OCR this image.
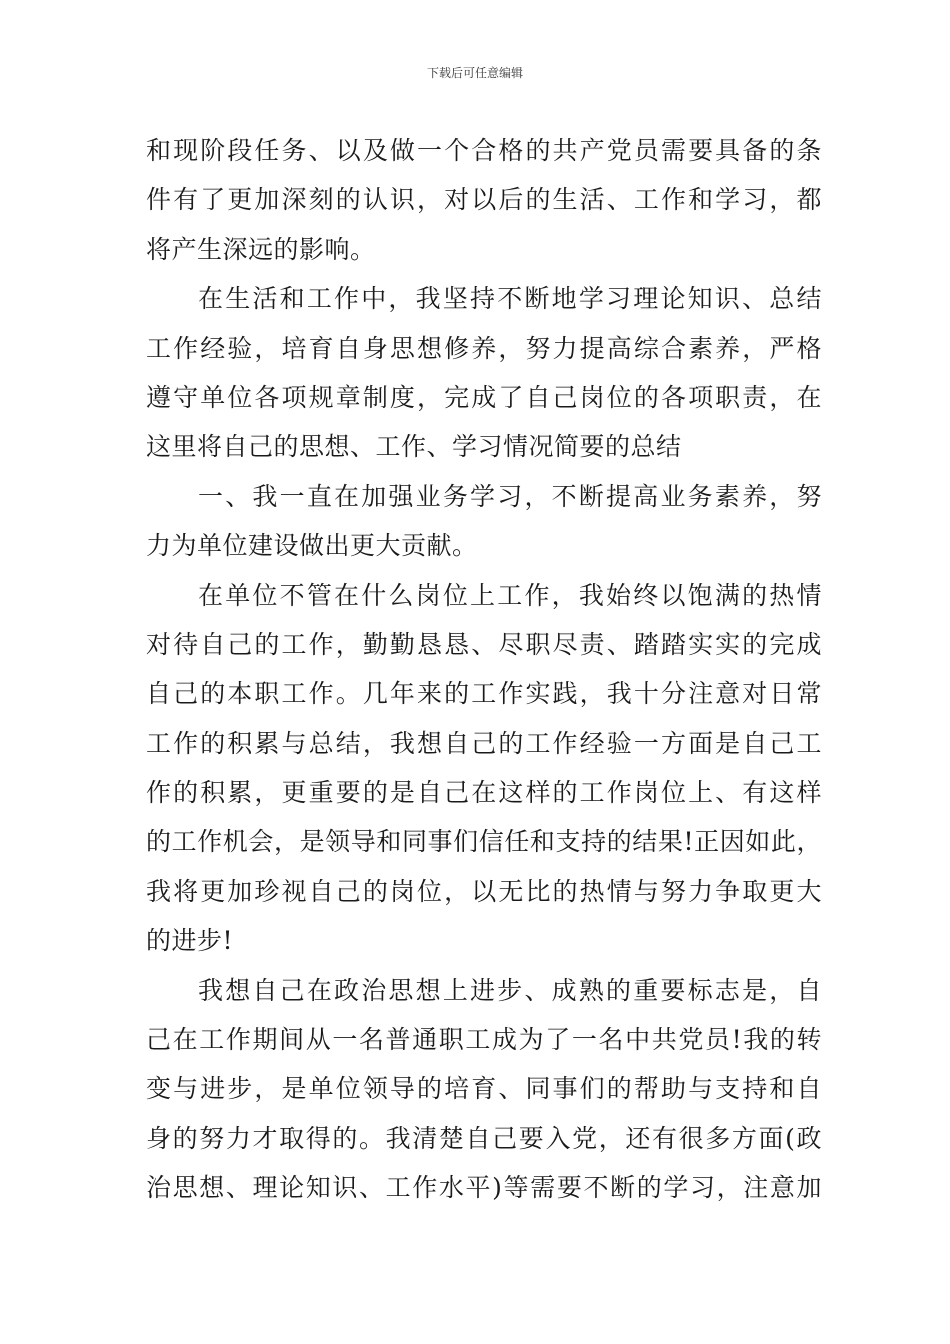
下载后可任意编辑
和现阶段任务、以及做一个合格的共产党员需要具备的条
件有了更加深刻的认识，对以后的生活、工作和学习，都
将产生深远的影响。
在生活和工作中，我坚持不断地学习理论知识、总结
工作经验，培育自身思想修养，努力提高综合素养，严格
遵守单位各项规章制度，完成了自己岗位的各项职责，在
这里将自己的思想、工作、学习情况简要的总结
一、我一直在加强业务学习，不断提高业务素养，努
力为单位建设做出更大贡献。
在单位不管在什么岗位上工作，我始终以饱满的热情
对待自己的工作，勤勤恳恳、尽职尽责、踏踏实实的完成
自己的本职工作。几年来的工作实践，我十分注意对日常
工作的积累与总结，我想自己的工作经验一方面是自己工
作的积累，更重要的是自己在这样的工作岗位上、有这样
的工作机会，是领导和同事们信任和支持的结果!正因如此，
我将更加珍视自己的岗位，以无比的热情与努力争取更大
的进步!
我想自己在政治思想上进步、成熟的重要标志是，自
己在工作期间从一名普通职工成为了一名中共党员!我的转
变与进步，是单位领导的培育、同事们的帮助与支持和自
身的努力才取得的。我清楚自己要入党，还有很多方面(政
治思想、理论知识、工作水平)等需要不断的学习，注意加
